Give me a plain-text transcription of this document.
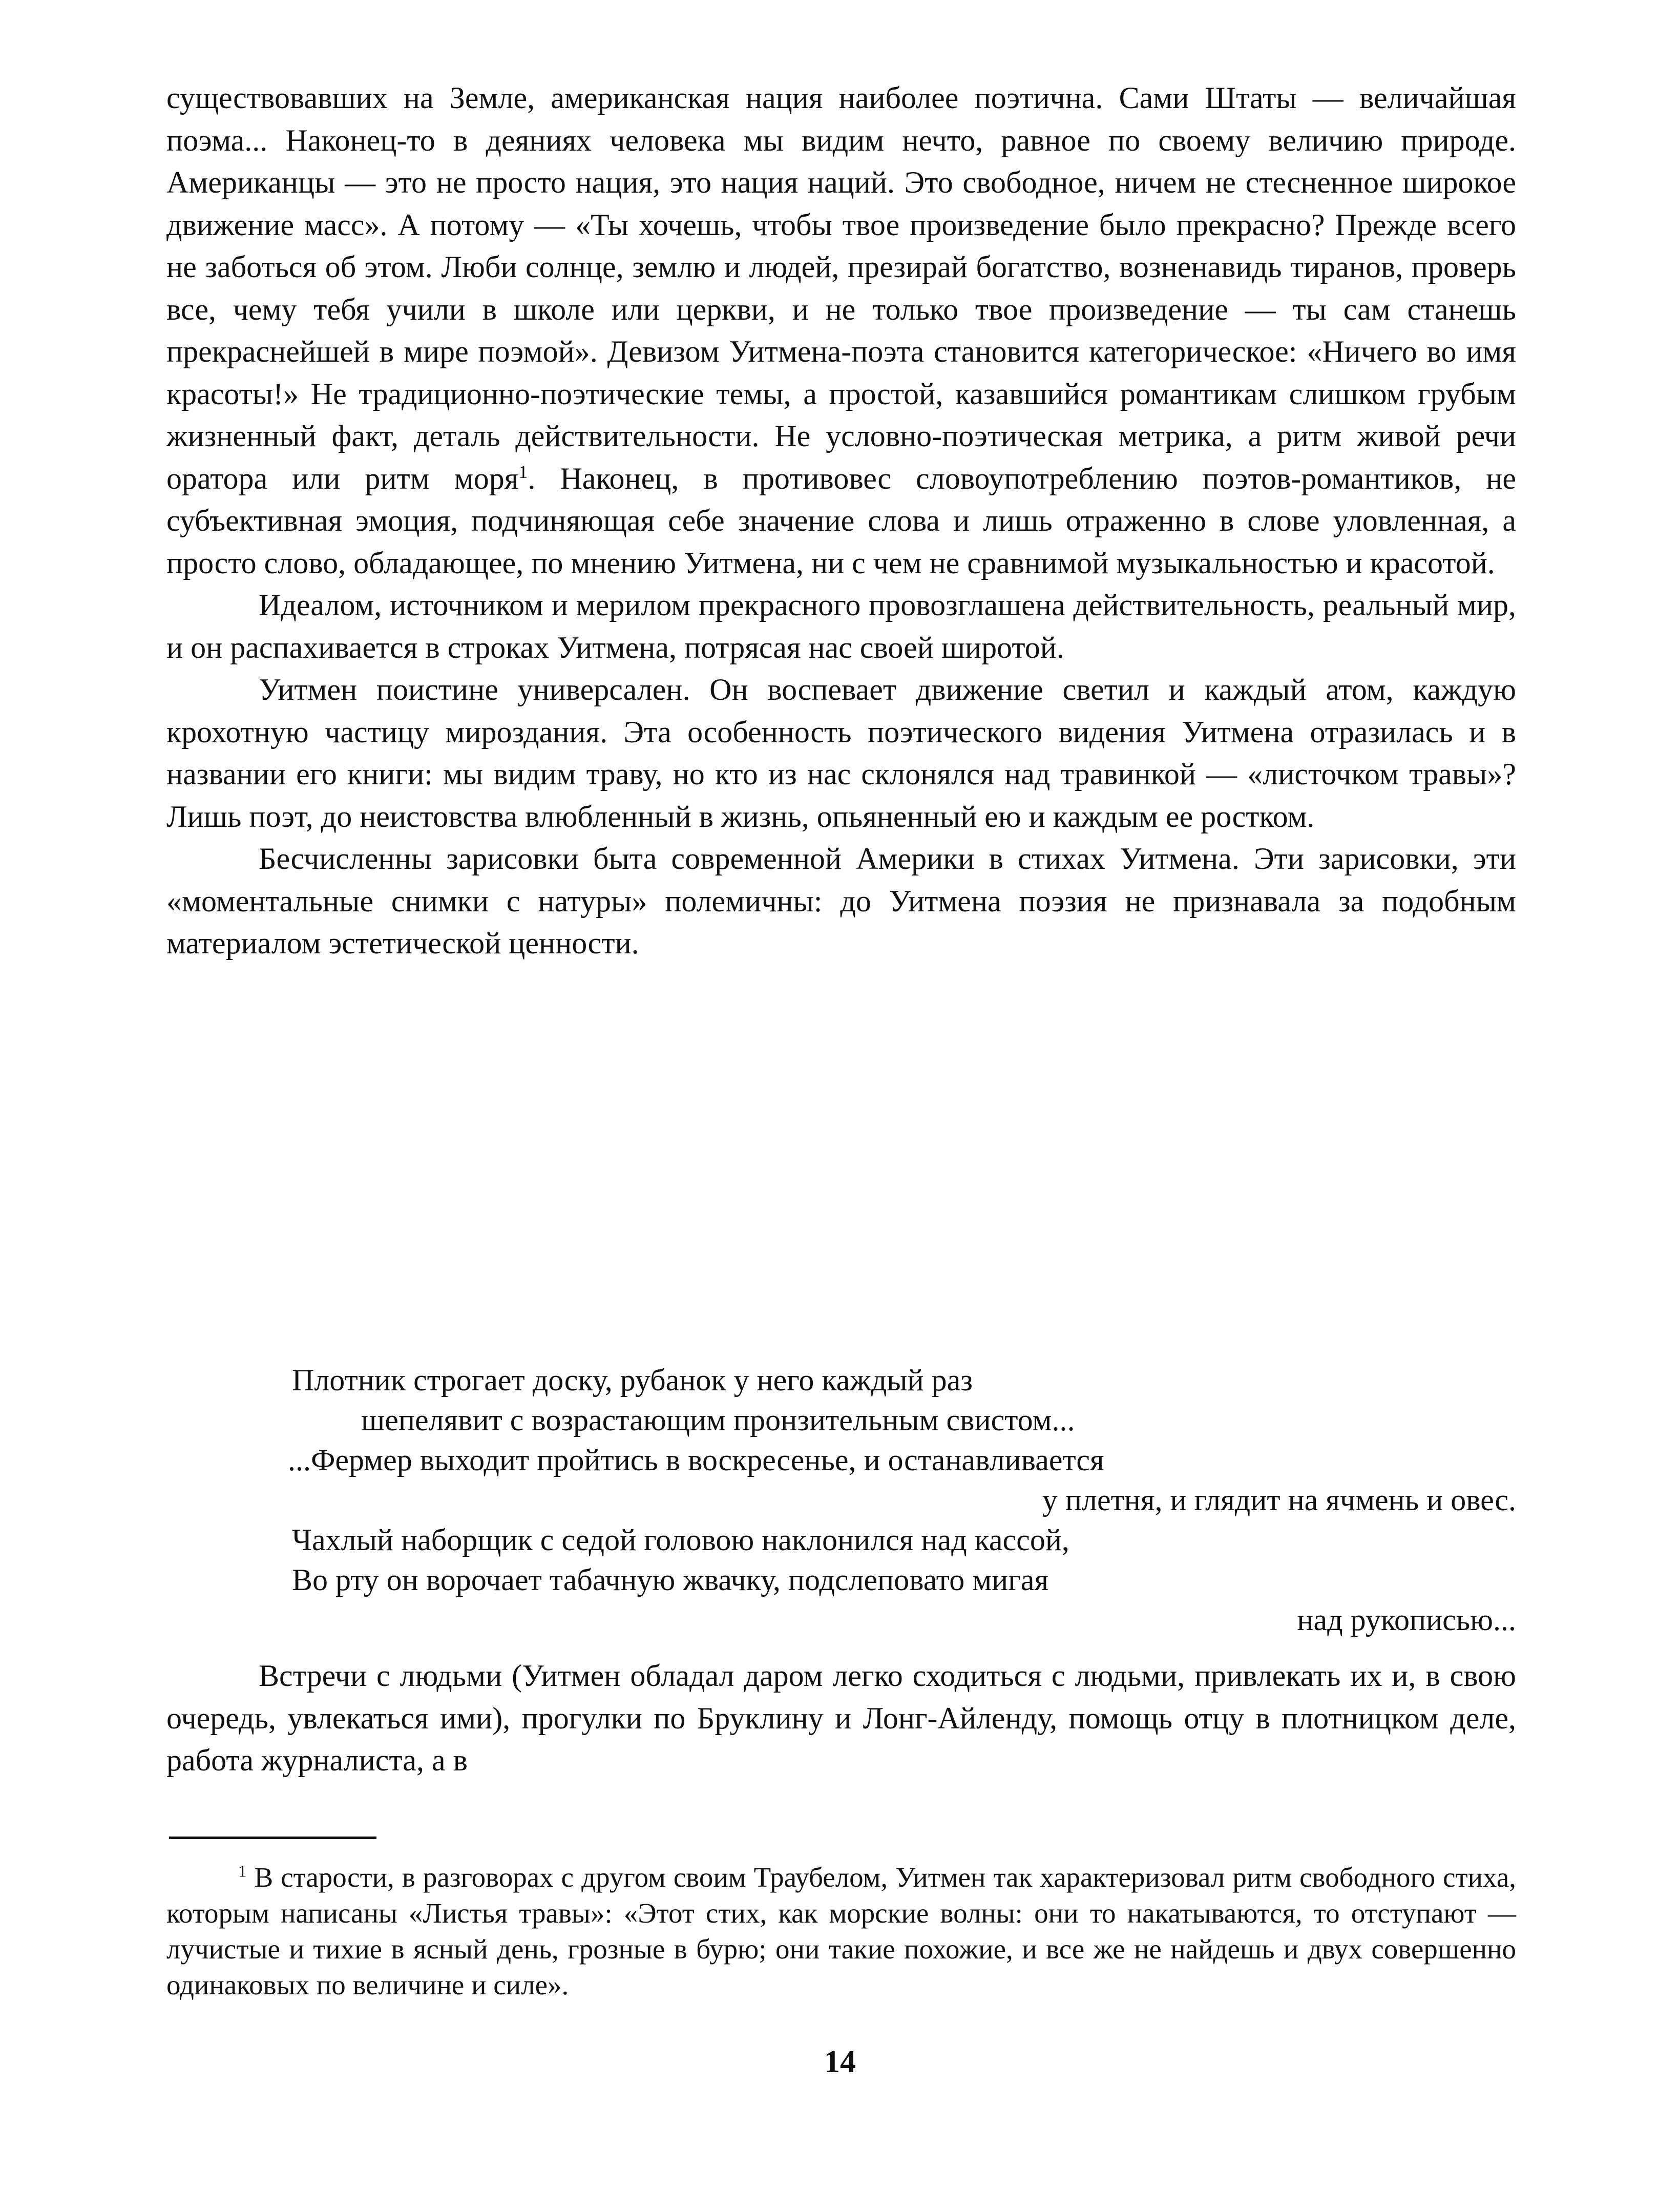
существовавших на Земле, американская нация наиболее поэтична. Сами Штаты — величайшая поэма... Наконец-то в деяниях человека мы видим нечто, равное по своему величию природе. Американцы — это не просто нация, это нация наций. Это свободное, ничем не стесненное широкое движение масс». А потому — «Ты хочешь, чтобы твое произведение было прекрасно? Прежде всего не заботься об этом. Люби солнце, землю и людей, презирай богатство, возненавидь тиранов, проверь все, чему тебя учили в школе или церкви, и не только твое произведение — ты сам станешь прекраснейшей в мире поэмой». Девизом Уитмена-поэта становится категорическое: «Ничего во имя красоты!» Не традиционно-поэтические темы, а простой, казавшийся романтикам слишком грубым жизненный факт, деталь действительности. Не условно-поэтическая метрика, а ритм живой речи оратора или ритм моря$^1$. Наконец, в противовес словоупотреблению поэтов-романтиков, не субъективная эмоция, подчиняющая себе значение слова и лишь отраженно в слове уловленная, а просто слово, обладающее, по мнению Уитмена, ни с чем не сравнимой музыкальностью и красотой.

Идеалом, источником и мерилом прекрасного провозглашена действительность, реальный мир, и он распахивается в строках Уитмена, потрясая нас своей широтой.

Уитмен поистине универсален. Он воспевает движение светил и каждый атом, каждую крохотную частицу мироздания. Эта особенность поэтического видения Уитмена отразилась и в названии его книги: мы видим траву, но кто из нас склонялся над травинкой — «листочком травы»? Лишь поэт, до неистовства влюбленный в жизнь, опьяненный ею и каждым ее ростком.

Бесчисленны зарисовки быта современной Америки в стихах Уитмена. Эти зарисовки, эти «моментальные снимки с натуры» полемичны: до Уитмена поэзия не признавала за подобным материалом эстетической ценности.

Плотник строгает доску, рубанок у него каждый раз
шепелявит с возрастающим пронзительным свистом...
...Фермер выходит пройтись в воскресенье, и останавливается
у плетня, и глядит на ячмень и овес.
Чахлый наборщик с седой головою наклонился над кассой,
Во рту он ворочает табачную жвачку, подслеповато мигая
над рукописью...

Встречи с людьми (Уитмен обладал даром легко сходиться с людьми, привлекать их и, в свою очередь, увлекаться ими), прогулки по Бруклину и Лонг-Айленду, помощь отцу в плотницком деле, работа журналиста, а в

$^1$ В старости, в разговорах с другом своим Траубелом, Уитмен так характеризовал ритм свободного стиха, которым написаны «Листья травы»: «Этот стих, как морские волны: они то накатываются, то отступают — лучистые и тихие в ясный день, грозные в бурю; они такие похожие, и все же не найдешь и двух совершенно одинаковых по величине и силе».

14
